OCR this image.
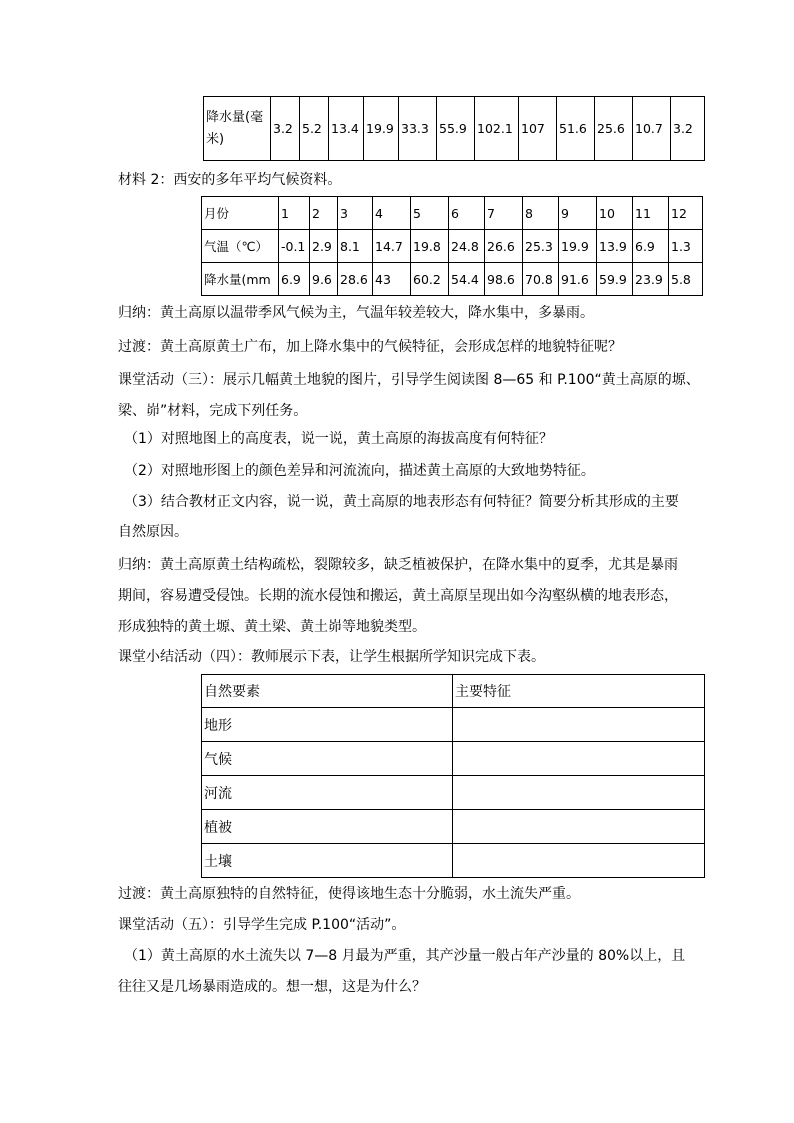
降水量(毫米)	3.2	5.2	13.4	19.9	33.3	55.9	102.1	107	51.6	25.6	10.7	3.2
材料 2：西安的多年平均气候资料。
月份	1	2	3	4	5	6	7	8	9	10	11	12
气温（℃）	-0.1	2.9	8.1	14.7	19.8	24.8	26.6	25.3	19.9	13.9	6.9	1.3
降水量(mm	6.9	9.6	28.6	43	60.2	54.4	98.6	70.8	91.6	59.9	23.9	5.8
归纳：黄土高原以温带季风气候为主，气温年较差较大，降水集中，多暴雨。
过渡：黄土高原黄土广布，加上降水集中的气候特征，会形成怎样的地貌特征呢？
课堂活动（三）：展示几幅黄土地貌的图片，引导学生阅读图 8—65 和 P.100“黄土高原的塬、
梁、峁”材料，完成下列任务。
（1）对照地图上的高度表，说一说，黄土高原的海拔高度有何特征？
（2）对照地形图上的颜色差异和河流流向，描述黄土高原的大致地势特征。
（3）结合教材正文内容，说一说，黄土高原的地表形态有何特征？简要分析其形成的主要
自然原因。
归纳：黄土高原黄土结构疏松，裂隙较多，缺乏植被保护，在降水集中的夏季，尤其是暴雨
期间，容易遭受侵蚀。长期的流水侵蚀和搬运，黄土高原呈现出如今沟壑纵横的地表形态，
形成独特的黄土塬、黄土梁、黄土峁等地貌类型。
课堂小结活动（四）：教师展示下表，让学生根据所学知识完成下表。
自然要素	主要特征
地形	
气候	
河流	
植被	
土壤	
过渡：黄土高原独特的自然特征，使得该地生态十分脆弱，水土流失严重。
课堂活动（五）：引导学生完成 P.100“活动”。
（1）黄土高原的水土流失以 7—8 月最为严重，其产沙量一般占年产沙量的 80%以上，且
往往又是几场暴雨造成的。想一想，这是为什么？
